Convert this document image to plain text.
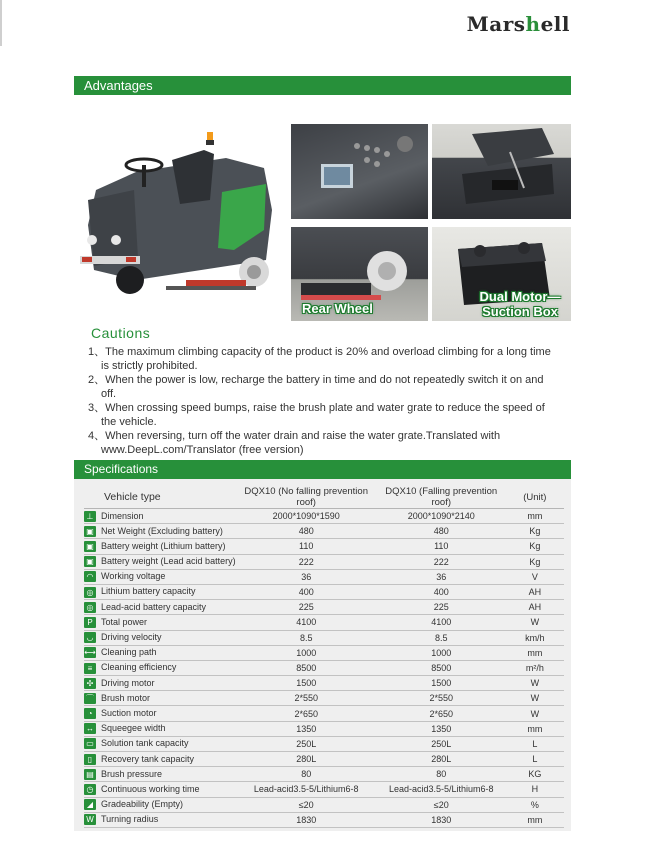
Marshell
Advantages
Rear Wheel
Dual Motor—
Suction Box
Cautions
1、The maximum climbing capacity of the product is 20% and overload climbing for a long time is strictly prohibited.
2、When the power is low, recharge the battery in time and do not repeatedly switch it on and off.
3、When crossing speed bumps, raise the brush plate and water grate to reduce the speed of the vehicle.
4、When reversing, turn off the water drain and raise the water grate.Translated with www.DeepL.com/Translator (free version)
Specifications
Vehicle type	DQX10 (No falling prevention roof)	DQX10 (Falling prevention roof)	(Unit)
⊥ Dimension	2000*1090*1590	2000*1090*2140	mm
▣ Net Weight (Excluding battery)	480	480	Kg
▣ Battery weight (Lithium battery)	110	110	Kg
▣ Battery weight (Lead acid battery)	222	222	Kg
◠ Working voltage	36	36	V
◎ Lithium battery capacity	400	400	AH
◎ Lead-acid battery capacity	225	225	AH
P Total power	4100	4100	W
◡ Driving velocity	8.5	8.5	km/h
⟷ Cleaning path	1000	1000	mm
≡ Cleaning efficiency	8500	8500	m²/h
✣ Driving motor	1500	1500	W
⌒ Brush motor	2*550	2*550	W
◔ Suction motor	2*650	2*650	W
↔ Squeegee width	1350	1350	mm
▭ Solution tank capacity	250L	250L	L
▯ Recovery tank capacity	280L	280L	L
▤ Brush pressure	80	80	KG
◷ Continuous working time	Lead-acid3.5-5/Lithium6-8	Lead-acid3.5-5/Lithium6-8	H
◢ Gradeability (Empty)	≤20	≤20	%
W Turning radius	1830	1830	mm
